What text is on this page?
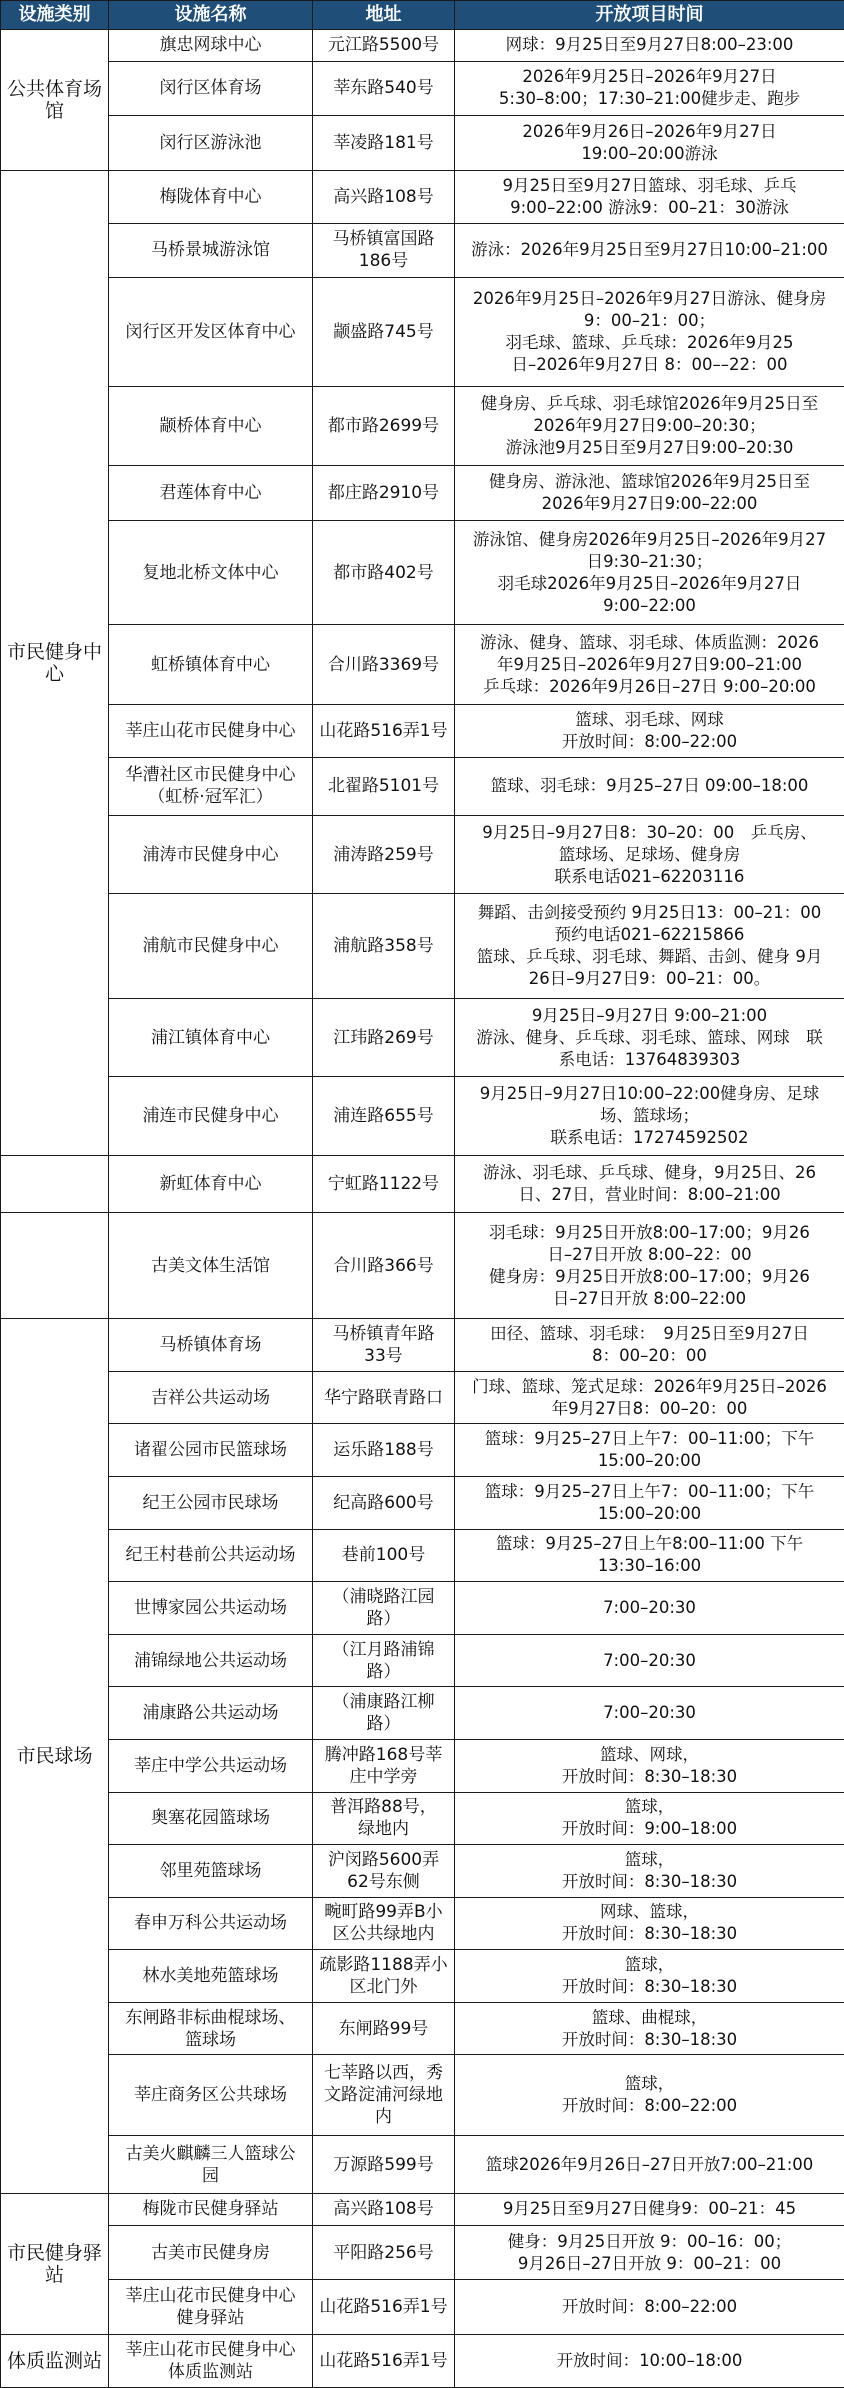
设施类别	设施名称	地址	开放项目时间
公共体育场馆	旗忠网球中心	元江路5500号	网球：9月25日至9月27日8:00–23:00
	闵行区体育场	莘东路540号	2026年9月25日–2026年9月27日
5:30–8:00；17:30–21:00健步走、跑步
	闵行区游泳池	莘凌路181号	2026年9月26日–2026年9月27日
19:00–20:00游泳
市民健身中心	梅陇体育中心	高兴路108号	9月25日至9月27日篮球、羽毛球、乒乓
9:00–22:00 游泳9：00–21：30游泳
	马桥景城游泳馆	马桥镇富国路
186号	游泳：2026年9月25日至9月27日10:00–21:00
	闵行区开发区体育中心	颛盛路745号	2026年9月25日–2026年9月27日游泳、健身房
9：00–21：00；
羽毛球、篮球、乒乓球：2026年9月25
日–2026年9月27日 8：00––22：00
	颛桥体育中心	都市路2699号	健身房、乒乓球、羽毛球馆2026年9月25日至
2026年9月27日9:00–20:30；
游泳池9月25日至9月27日9:00–20:30
	君莲体育中心	都庄路2910号	健身房、游泳池、篮球馆2026年9月25日至
2026年9月27日9:00–22:00
	复地北桥文体中心	都市路402号	游泳馆、健身房2026年9月25日–2026年9月27
日9:30–21:30；
羽毛球2026年9月25日–2026年9月27日
9:00–22:00
	虹桥镇体育中心	合川路3369号	游泳、健身、篮球、羽毛球、体质监测：2026
年9月25日–2026年9月27日9:00–21:00
乒乓球：2026年9月26日–27日 9:00–20:00
	莘庄山花市民健身中心	山花路516弄1号	篮球、羽毛球、网球
开放时间：8:00–22:00
	华漕社区市民健身中心
（虹桥·冠军汇）	北翟路5101号	篮球、羽毛球：9月25–27日 09:00–18:00
	浦涛市民健身中心	浦涛路259号	9月25日–9月27日8：30–20：00　乒乓房、
篮球场、足球场、健身房
联系电话021–62203116
	浦航市民健身中心	浦航路358号	舞蹈、击剑接受预约 9月25日13：00–21：00
预约电话021–62215866
篮球、乒乓球、羽毛球、舞蹈、击剑、健身 9月
26日–9月27日9：00–21：00。
	浦江镇体育中心	江玮路269号	9月25日–9月27日 9:00–21:00
游泳、健身、乒乓球、羽毛球、篮球、网球　联
系电话：13764839303
	浦连市民健身中心	浦连路655号	9月25日–9月27日10:00–22:00健身房、足球
场、篮球场；
联系电话：17274592502
	新虹体育中心	宁虹路1122号	游泳、羽毛球、乒乓球、健身，9月25日、26
日、27日，营业时间：8:00–21:00
	古美文体生活馆	合川路366号	羽毛球：9月25日开放8:00–17:00；9月26
日–27日开放 8:00–22：00
健身房：9月25日开放8:00–17:00；9月26
日–27日开放 8:00–22:00
市民球场	马桥镇体育场	马桥镇青年路
33号	田径、篮球、羽毛球：　9月25日至9月27日
8：00–20：00
	吉祥公共运动场	华宁路联青路口	门球、篮球、笼式足球：2026年9月25日–2026
年9月27日8：00–20：00
	诸翟公园市民篮球场	运乐路188号	篮球：9月25–27日上午7：00–11:00；下午
15:00–20:00
	纪王公园市民球场	纪高路600号	篮球：9月25–27日上午7：00–11:00；下午
15:00–20:00
	纪王村巷前公共运动场	巷前100号	篮球：9月25–27日上午8:00–11:00 下午
13:30–16:00
	世博家园公共运动场	（浦晓路江园
路）	7:00–20:30
	浦锦绿地公共运动场	（江月路浦锦
路）	7:00–20:30
	浦康路公共运动场	（浦康路江柳
路）	7:00–20:30
	莘庄中学公共运动场	腾冲路168号莘
庄中学旁	篮球、网球，
开放时间：8:30–18:30
	奥塞花园篮球场	普洱路88号，
绿地内	篮球，
开放时间：9:00–18:00
	邻里苑篮球场	沪闵路5600弄
62号东侧	篮球，
开放时间：8:30–18:30
	春申万科公共运动场	畹町路99弄B小
区公共绿地内	网球、篮球，
开放时间：8:30–18:30
	林水美地苑篮球场	疏影路1188弄小
区北门外	篮球，
开放时间：8:30–18:30
	东闸路非标曲棍球场、
篮球场	东闸路99号	篮球、曲棍球，
开放时间：8:30–18:30
	莘庄商务区公共球场	七莘路以西，秀
文路淀浦河绿地
内	篮球，
开放时间：8:00–22:00
	古美火麒麟三人篮球公
园	万源路599号	篮球2026年9月26日–27日开放7:00–21:00
市民健身驿站	梅陇市民健身驿站	高兴路108号	9月25日至9月27日健身9：00–21：45
	古美市民健身房	平阳路256号	健身：9月25日开放 9：00–16：00；
9月26日–27日开放 9：00–21：00
	莘庄山花市民健身中心
健身驿站	山花路516弄1号	开放时间：8:00–22:00
体质监测站	莘庄山花市民健身中心
体质监测站	山花路516弄1号	开放时间：10:00–18:00
